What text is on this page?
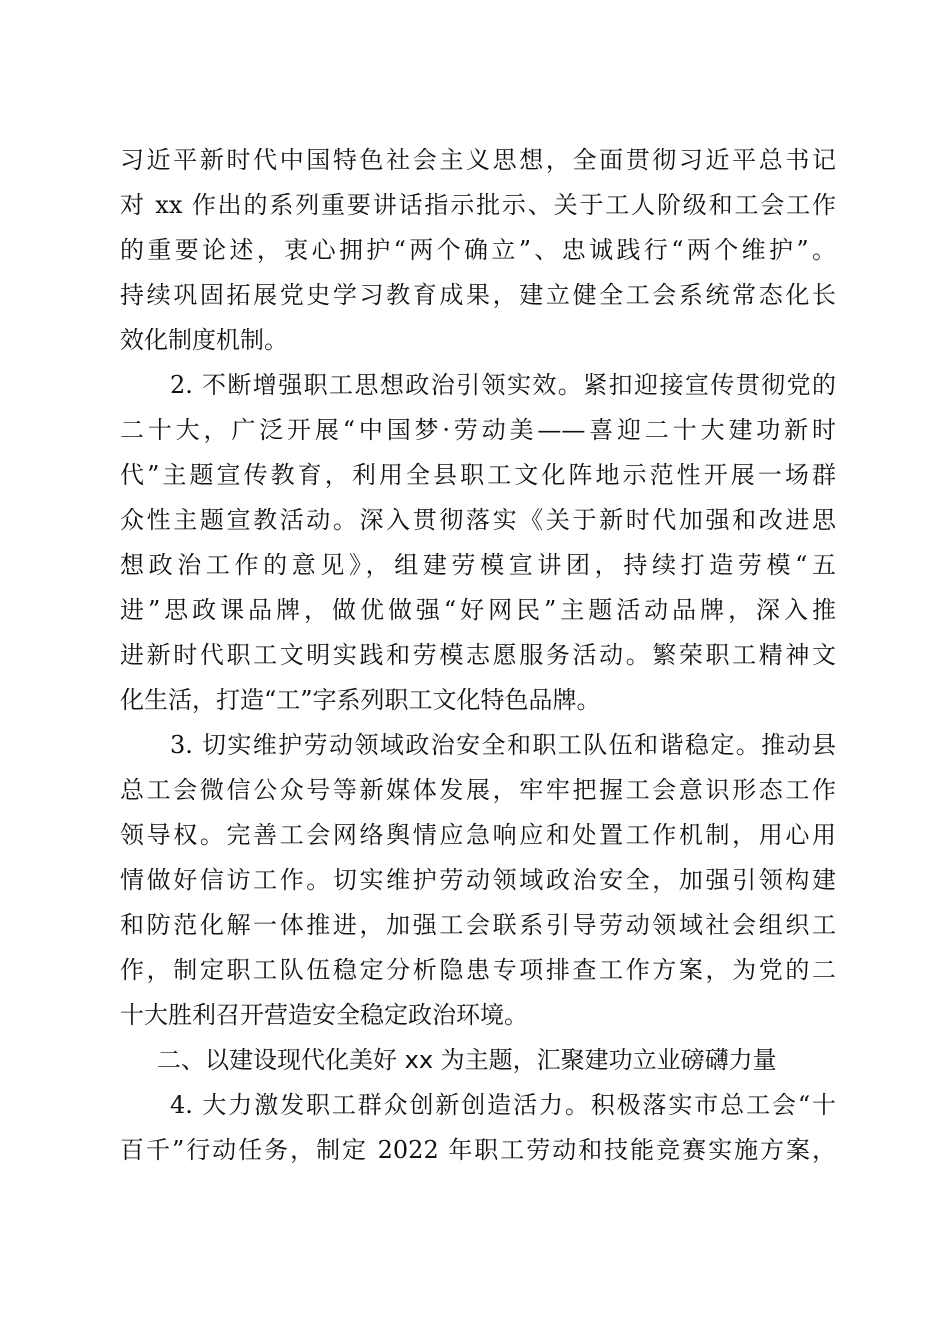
习近平新时代中国特色社会主义思想，全面贯彻习近平总书记
对 xx 作出的系列重要讲话指示批示、关于工人阶级和工会工作
的重要论述，衷心拥护“两个确立”、忠诚践行“两个维护”。
持续巩固拓展党史学习教育成果，建立健全工会系统常态化长
效化制度机制。
2. 不断增强职工思想政治引领实效。紧扣迎接宣传贯彻党的
二十大，广泛开展“中国梦·劳动美——喜迎二十大建功新时
代”主题宣传教育，利用全县职工文化阵地示范性开展一场群
众性主题宣教活动。深入贯彻落实《关于新时代加强和改进思
想政治工作的意见》，组建劳模宣讲团，持续打造劳模“五
进”思政课品牌，做优做强“好网民”主题活动品牌，深入推
进新时代职工文明实践和劳模志愿服务活动。繁荣职工精神文
化生活，打造“工”字系列职工文化特色品牌。
3. 切实维护劳动领域政治安全和职工队伍和谐稳定。推动县
总工会微信公众号等新媒体发展，牢牢把握工会意识形态工作
领导权。完善工会网络舆情应急响应和处置工作机制，用心用
情做好信访工作。切实维护劳动领域政治安全，加强引领构建
和防范化解一体推进，加强工会联系引导劳动领域社会组织工
作，制定职工队伍稳定分析隐患专项排查工作方案，为党的二
十大胜利召开营造安全稳定政治环境。
二、以建设现代化美好 xx 为主题，汇聚建功立业磅礴力量
4. 大力激发职工群众创新创造活力。积极落实市总工会“十
百千”行动任务，制定 2022 年职工劳动和技能竞赛实施方案，
